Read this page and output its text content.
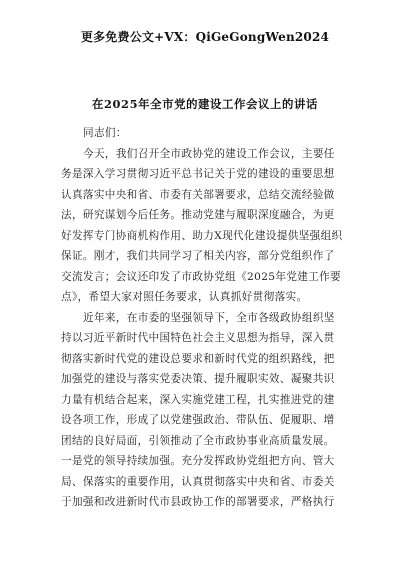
更多免费公文+VX：QiGeGongWen2024
在2025年全市党的建设工作会议上的讲话
同志们：
今天，我们召开全市政协党的建设工作会议，主要任
务是深入学习贯彻习近平总书记关于党的建设的重要思想
认真落实中央和省、市委有关部署要求，总结交流经验做
法，研究谋划今后任务。推动党建与履职深度融合，为更
好发挥专门协商机构作用、助力X现代化建设提供坚强组织
保证。刚才，我们共同学习了相关内容，部分党组织作了
交流发言；会议还印发了市政协党组《2025年党建工作要
点》，希望大家对照任务要求，认真抓好贯彻落实。
近年来，在市委的坚强领导下，全市各级政协组织坚
持以习近平新时代中国特色社会主义思想为指导，深入贯
彻落实新时代党的建设总要求和新时代党的组织路线，把
加强党的建设与落实党委决策、提升履职实效、凝聚共识
力量有机结合起来，深入实施党建工程，扎实推进党的建
设各项工作，形成了以党建强政治、带队伍、促履职、增
团结的良好局面，引领推动了全市政协事业高质量发展。
一是党的领导持续加强。充分发挥政协党组把方向、管大
局、保落实的重要作用，认真贯彻落实中央和省、市委关
于加强和改进新时代市县政协工作的部署要求，严格执行
